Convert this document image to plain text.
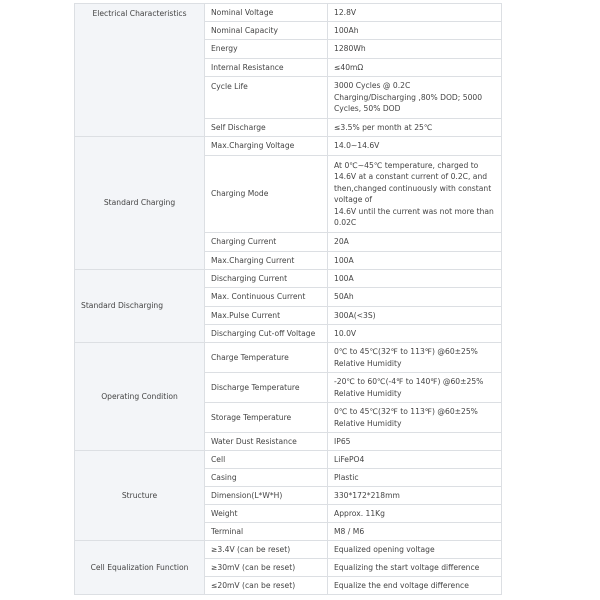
Electrical Characteristics	Nominal Voltage	12.8V
	Nominal Capacity	100Ah
	Energy	1280Wh
	Internal Resistance	≤40mΩ
	Cycle Life	3000 Cycles @ 0.2C
Charging/Discharging ,80% DOD; 5000 Cycles, 50% DOD
	Self Discharge	≤3.5% per month at 25℃
Standard Charging	Max.Charging Voltage	14.0~14.6V
	Charging Mode	At 0℃~45℃ temperature, charged to 14.6V at a constant current of 0.2C, and then,changed continuously with constant voltage of
14.6V until the current was not more than 0.02C
	Charging Current	20A
	Max.Charging Current	100A
Standard Discharging	Discharging Current	100A
	Max. Continuous Current	50Ah
	Max.Pulse Current	300A(<3S)
	Discharging Cut-off Voltage	10.0V
Operating Condition	Charge Temperature	0℃ to 45℃(32℉ to 113℉) @60±25% Relative Humidity
	Discharge Temperature	-20℃ to 60℃(-4℉ to 140℉) @60±25% Relative Humidity
	Storage Temperature	0℃ to 45℃(32℉ to 113℉) @60±25% Relative Humidity
	Water Dust Resistance	IP65
Structure	Cell	LiFePO4
	Casing	Plastic
	Dimension(L*W*H)	330*172*218mm
	Weight	Approx. 11Kg
	Terminal	M8 / M6
Cell Equalization Function	≥3.4V (can be reset)	Equalized opening voltage
	≥30mV (can be reset)	Equalizing the start voltage difference
	≤20mV (can be reset)	Equalize the end voltage difference
